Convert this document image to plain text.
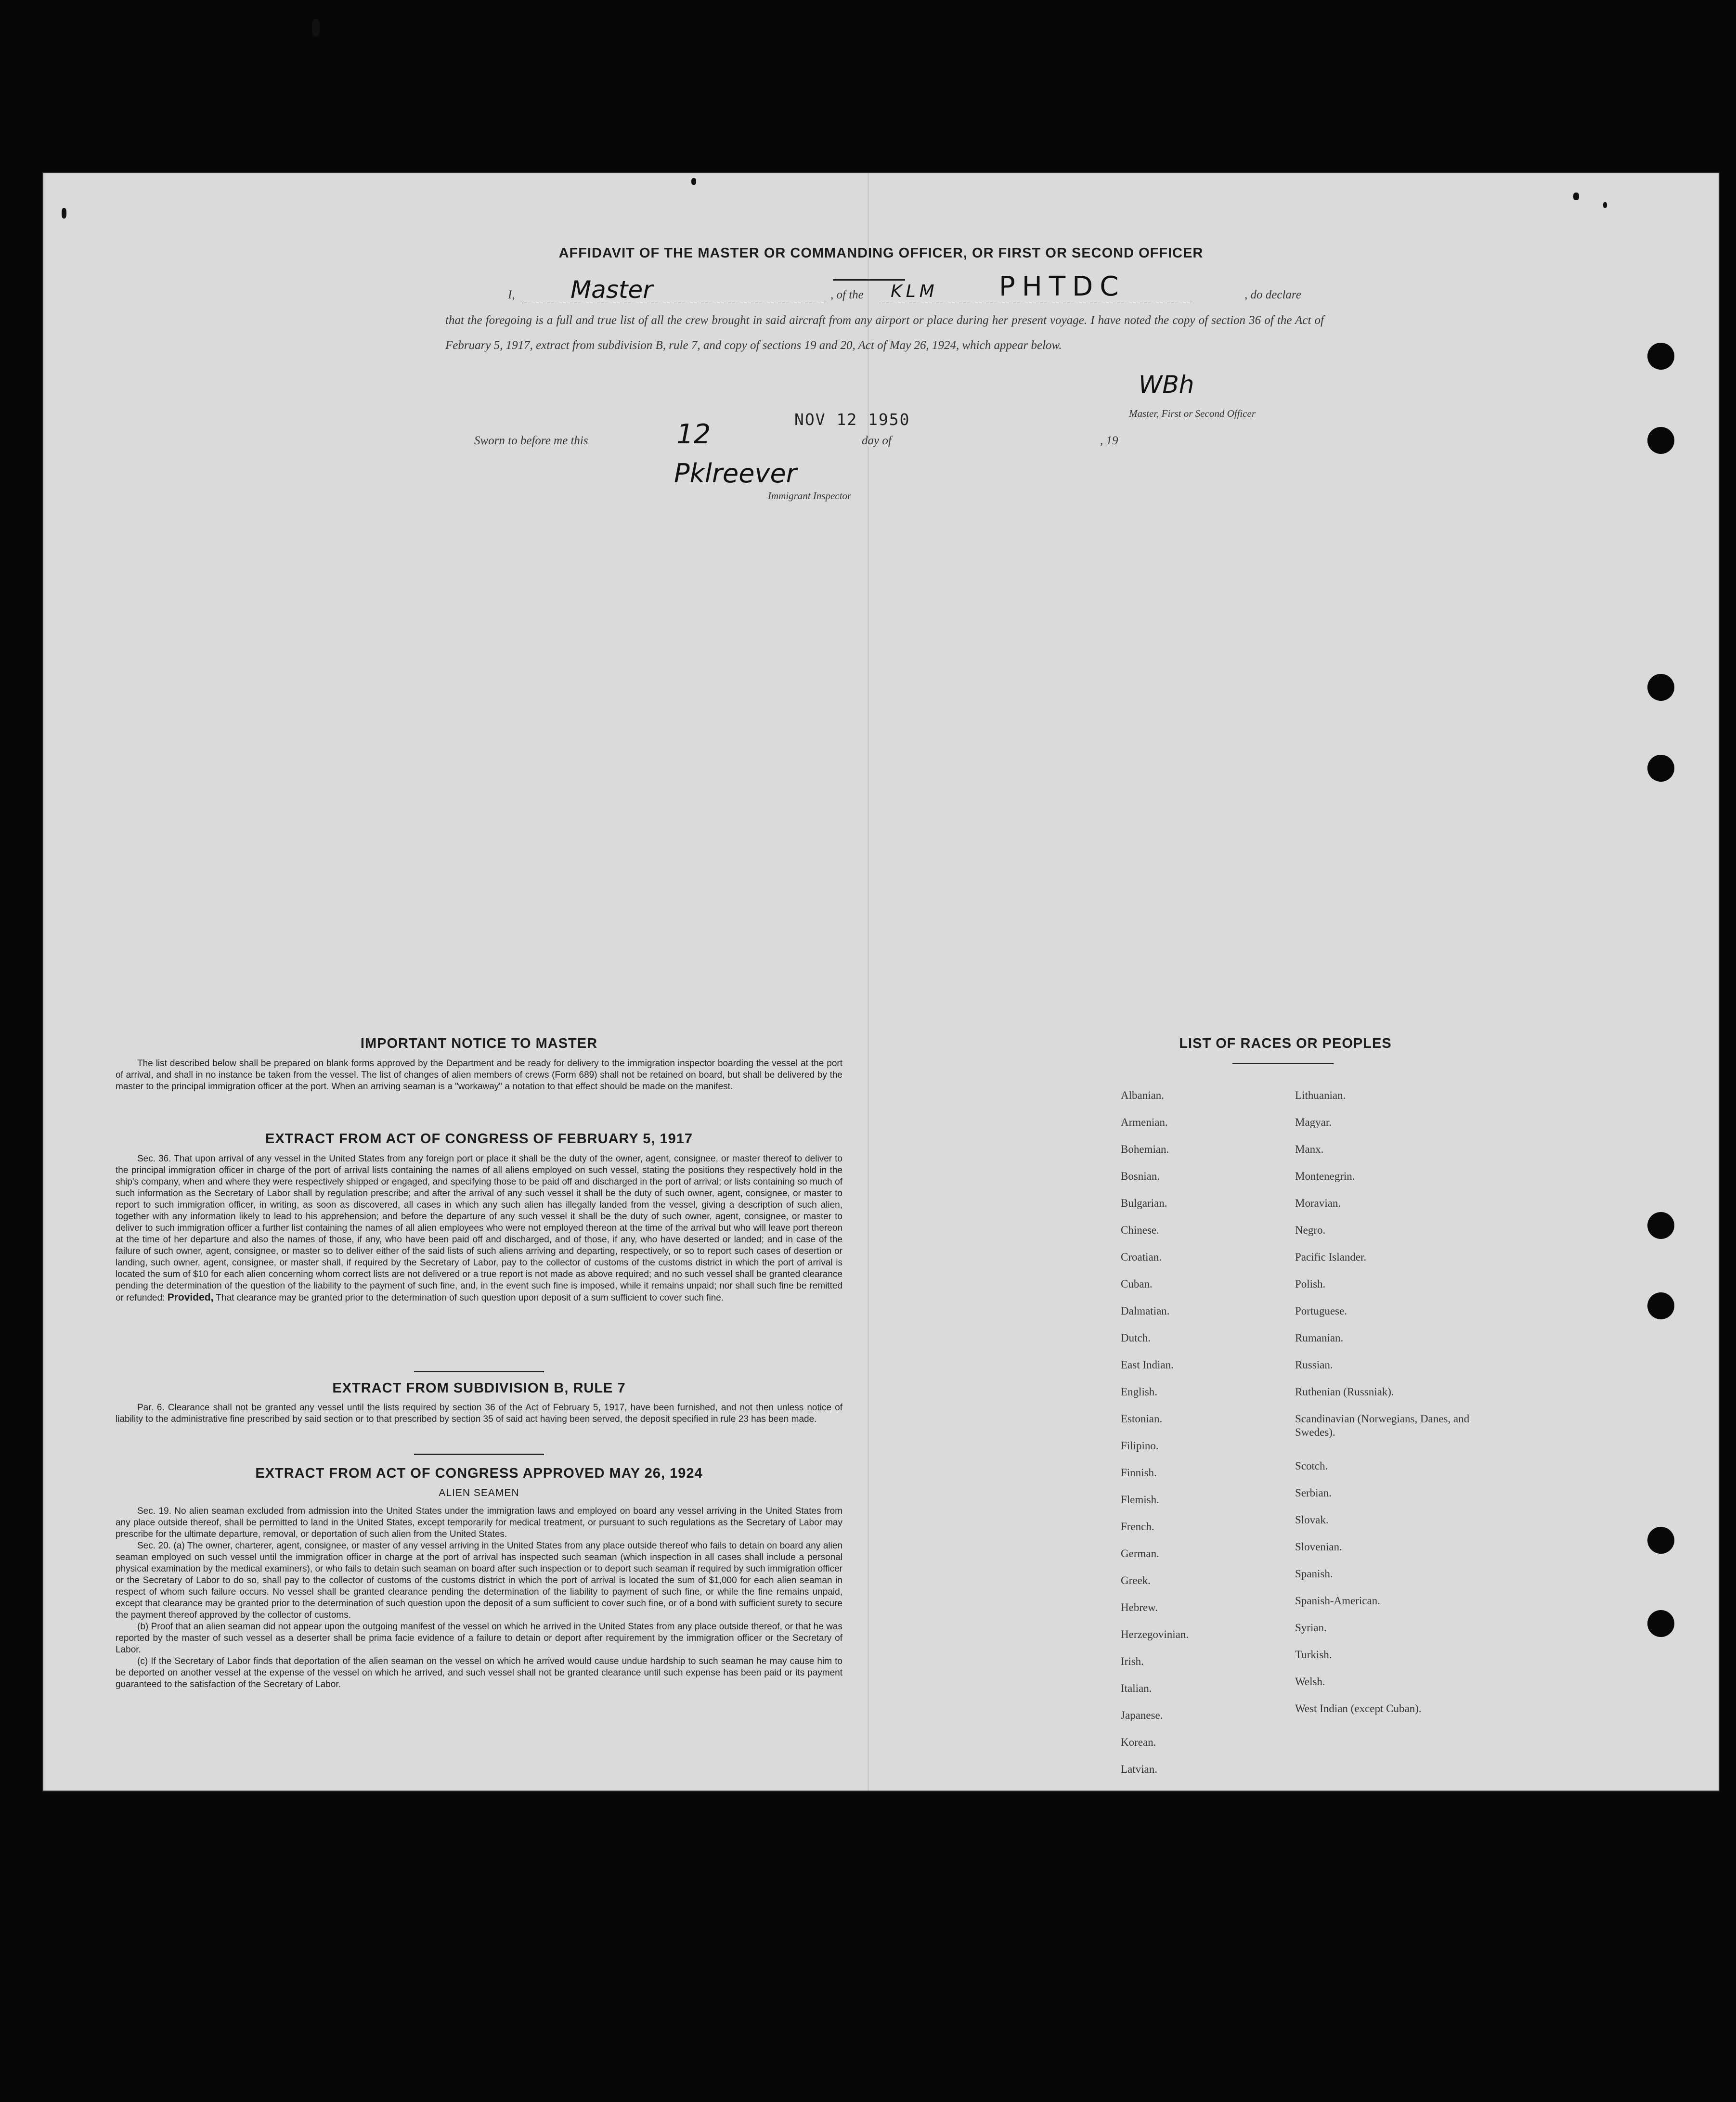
AFFIDAVIT OF THE MASTER OR COMMANDING OFFICER, OR FIRST OR SECOND OFFICER
I, Master	, of the KLM PHTDC	, do declare
that the foregoing is a full and true list of all the crew brought in said aircraft from any airport or place during her present voyage. I have noted the copy of section 36 of the Act of February 5, 1917, extract from subdivision B, rule 7, and copy of sections 19 and 20, Act of May 26, 1924, which appear below.
WBh
Master, First or Second Officer
NOV 12 1950
Sworn to before me this	12	day of	, 19
Pklreever
Immigrant Inspector
IMPORTANT NOTICE TO MASTER

The list described below shall be prepared on blank forms approved by the Department and be ready for delivery to the immigration inspector boarding the vessel at the port of arrival, and shall in no instance be taken from the vessel. The list of changes of alien members of crews (Form 689) shall not be retained on board, but shall be delivered by the master to the principal immigration officer at the port. When an arriving seaman is a "workaway" a notation to that effect should be made on the manifest.

EXTRACT FROM ACT OF CONGRESS OF FEBRUARY 5, 1917

Sec. 36. That upon arrival of any vessel in the United States from any foreign port or place it shall be the duty of the owner, agent, consignee, or master thereof to deliver to the principal immigration officer in charge of the port of arrival lists containing the names of all aliens employed on such vessel, stating the positions they respectively hold in the ship's company, when and where they were respectively shipped or engaged, and specifying those to be paid off and discharged in the port of arrival; or lists containing so much of such information as the Secretary of Labor shall by regulation prescribe; and after the arrival of any such vessel it shall be the duty of such owner, agent, consignee, or master to report to such immigration officer, in writing, as soon as discovered, all cases in which any such alien has illegally landed from the vessel, giving a description of such alien, together with any information likely to lead to his apprehension; and before the departure of any such vessel it shall be the duty of such owner, agent, consignee, or master to deliver to such immigration officer a further list containing the names of all alien employees who were not employed thereon at the time of the arrival but who will leave port thereon at the time of her departure and also the names of those, if any, who have been paid off and discharged, and of those, if any, who have deserted or landed; and in case of the failure of such owner, agent, consignee, or master so to deliver either of the said lists of such aliens arriving and departing, respectively, or so to report such cases of desertion or landing, such owner, agent, consignee, or master shall, if required by the Secretary of Labor, pay to the collector of customs of the customs district in which the port of arrival is located the sum of $10 for each alien concerning whom correct lists are not delivered or a true report is not made as above required; and no such vessel shall be granted clearance pending the determination of the question of the liability to the payment of such fine, and, in the event such fine is imposed, while it remains unpaid; nor shall such fine be remitted or refunded: Provided, That clearance may be granted prior to the determination of such question upon deposit of a sum sufficient to cover such fine.

EXTRACT FROM SUBDIVISION B, RULE 7

Par. 6. Clearance shall not be granted any vessel until the lists required by section 36 of the Act of February 5, 1917, have been furnished, and not then unless notice of liability to the administrative fine prescribed by said section or to that prescribed by section 35 of said act having been served, the deposit specified in rule 23 has been made.

EXTRACT FROM ACT OF CONGRESS APPROVED MAY 26, 1924
ALIEN SEAMEN

Sec. 19. No alien seaman excluded from admission into the United States under the immigration laws and employed on board any vessel arriving in the United States from any place outside thereof, shall be permitted to land in the United States, except temporarily for medical treatment, or pursuant to such regulations as the Secretary of Labor may prescribe for the ultimate departure, removal, or deportation of such alien from the United States.

Sec. 20. (a) The owner, charterer, agent, consignee, or master of any vessel arriving in the United States from any place outside thereof who fails to detain on board any alien seaman employed on such vessel until the immigration officer in charge at the port of arrival has inspected such seaman (which inspection in all cases shall include a personal physical examination by the medical examiners), or who fails to detain such seaman on board after such inspection or to deport such seaman if required by such immigration officer or the Secretary of Labor to do so, shall pay to the collector of customs of the customs district in which the port of arrival is located the sum of $1,000 for each alien seaman in respect of whom such failure occurs. No vessel shall be granted clearance pending the determination of the liability to payment of such fine, or while the fine remains unpaid, except that clearance may be granted prior to the determination of such question upon the deposit of a sum sufficient to cover such fine, or of a bond with sufficient surety to secure the payment thereof approved by the collector of customs.

(b) Proof that an alien seaman did not appear upon the outgoing manifest of the vessel on which he arrived in the United States from any place outside thereof, or that he was reported by the master of such vessel as a deserter shall be prima facie evidence of a failure to detain or deport after requirement by the immigration officer or the Secretary of Labor.

(c) If the Secretary of Labor finds that deportation of the alien seaman on the vessel on which he arrived would cause undue hardship to such seaman he may cause him to be deported on another vessel at the expense of the vessel on which he arrived, and such vessel shall not be granted clearance until such expense has been paid or its payment guaranteed to the satisfaction of the Secretary of Labor.

LIST OF RACES OR PEOPLES
Albanian.
Armenian.
Bohemian.
Bosnian.
Bulgarian.
Chinese.
Croatian.
Cuban.
Dalmatian.
Dutch.
East Indian.
English.
Estonian.
Filipino.
Finnish.
Flemish.
French.
German.
Greek.
Hebrew.
Herzegovinian.
Irish.
Italian.
Japanese.
Korean.
Latvian.
Lithuanian.
Magyar.
Manx.
Montenegrin.
Moravian.
Negro.
Pacific Islander.
Polish.
Portuguese.
Rumanian.
Russian.
Ruthenian (Russniak).
Scandinavian (Norwegians, Danes, and Swedes).
Scotch.
Serbian.
Slovak.
Slovenian.
Spanish.
Spanish-American.
Syrian.
Turkish.
Welsh.
West Indian (except Cuban).
